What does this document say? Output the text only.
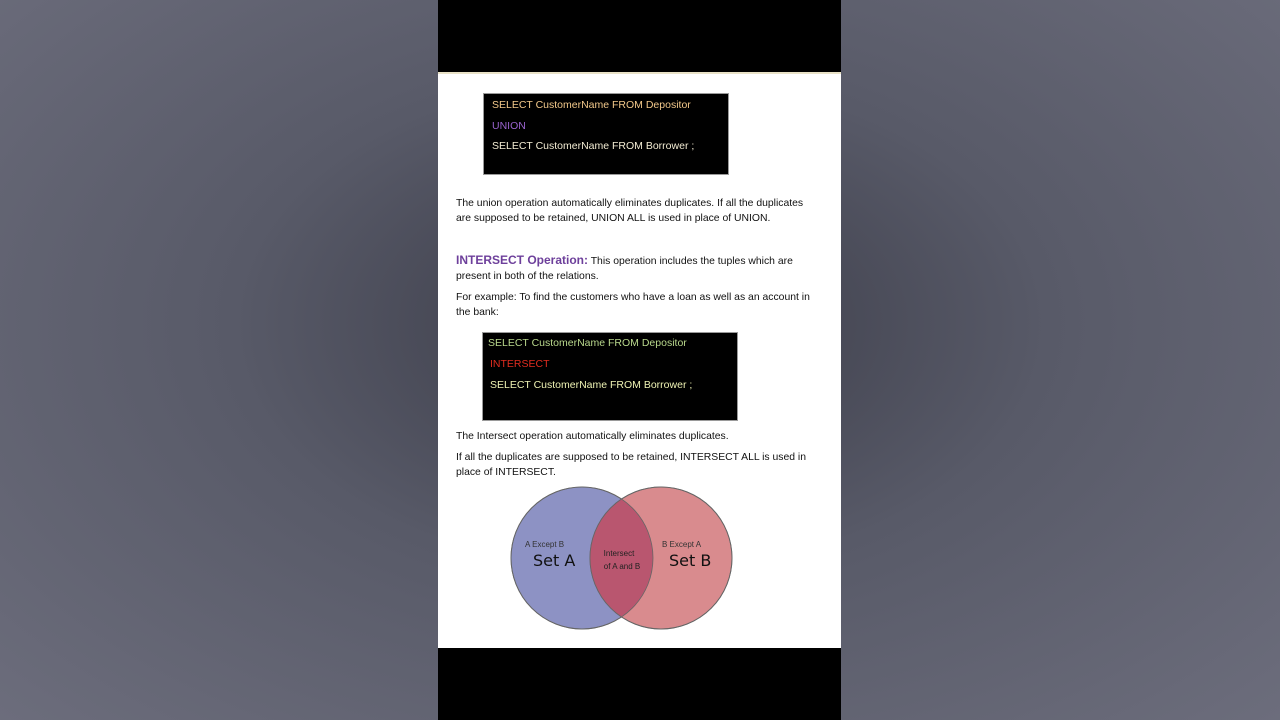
SELECT CustomerName FROM Depositor
UNION
SELECT CustomerName FROM Borrower ;
The union operation automatically eliminates duplicates. If all the duplicates
are supposed to be retained, UNION ALL is used in place of UNION.
INTERSECT Operation: This operation includes the tuples which are
present in both of the relations.
For example: To find the customers who have a loan as well as an account in
the bank:
SELECT CustomerName FROM Depositor
INTERSECT
SELECT CustomerName FROM Borrower ;
The Intersect operation automatically eliminates duplicates.
If all the duplicates are supposed to be retained, INTERSECT ALL is used in
place of INTERSECT.
A Except B
Set A	Intersect
of A and B
B Except A
Set B
